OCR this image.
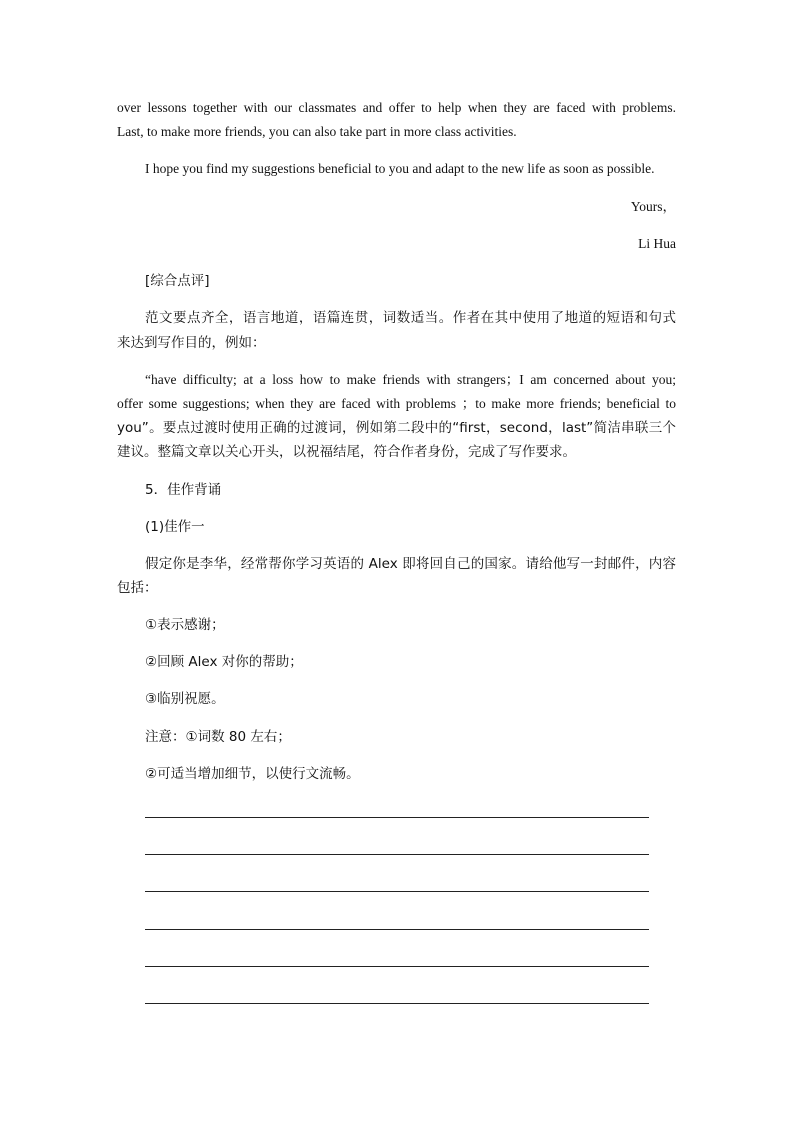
over lessons together with our classmates and offer to help when they are faced with problems.
Last, to make more friends, you can also take part in more class activities.
I hope you find my suggestions beneficial to you and adapt to the new life as soon as possible.
Yours，
Li Hua
[综合点评]
范文要点齐全，语言地道，语篇连贯，词数适当。作者在其中使用了地道的短语和句式
来达到写作目的，例如：
“have difficulty; at a loss how to make friends with strangers；I am concerned about you;
offer some suggestions; when they are faced with problems ；to make more friends; beneficial to
you”。要点过渡时使用正确的过渡词，例如第二段中的“first，second，last”简洁串联三个
建议。整篇文章以关心开头，以祝福结尾，符合作者身份，完成了写作要求。
5．佳作背诵
(1)佳作一
假定你是李华，经常帮你学习英语的 Alex 即将回自己的国家。请给他写一封邮件，内容
包括：
①表示感谢；
②回顾 Alex 对你的帮助；
③临别祝愿。
注意：①词数 80 左右；
②可适当增加细节，以使行文流畅。
